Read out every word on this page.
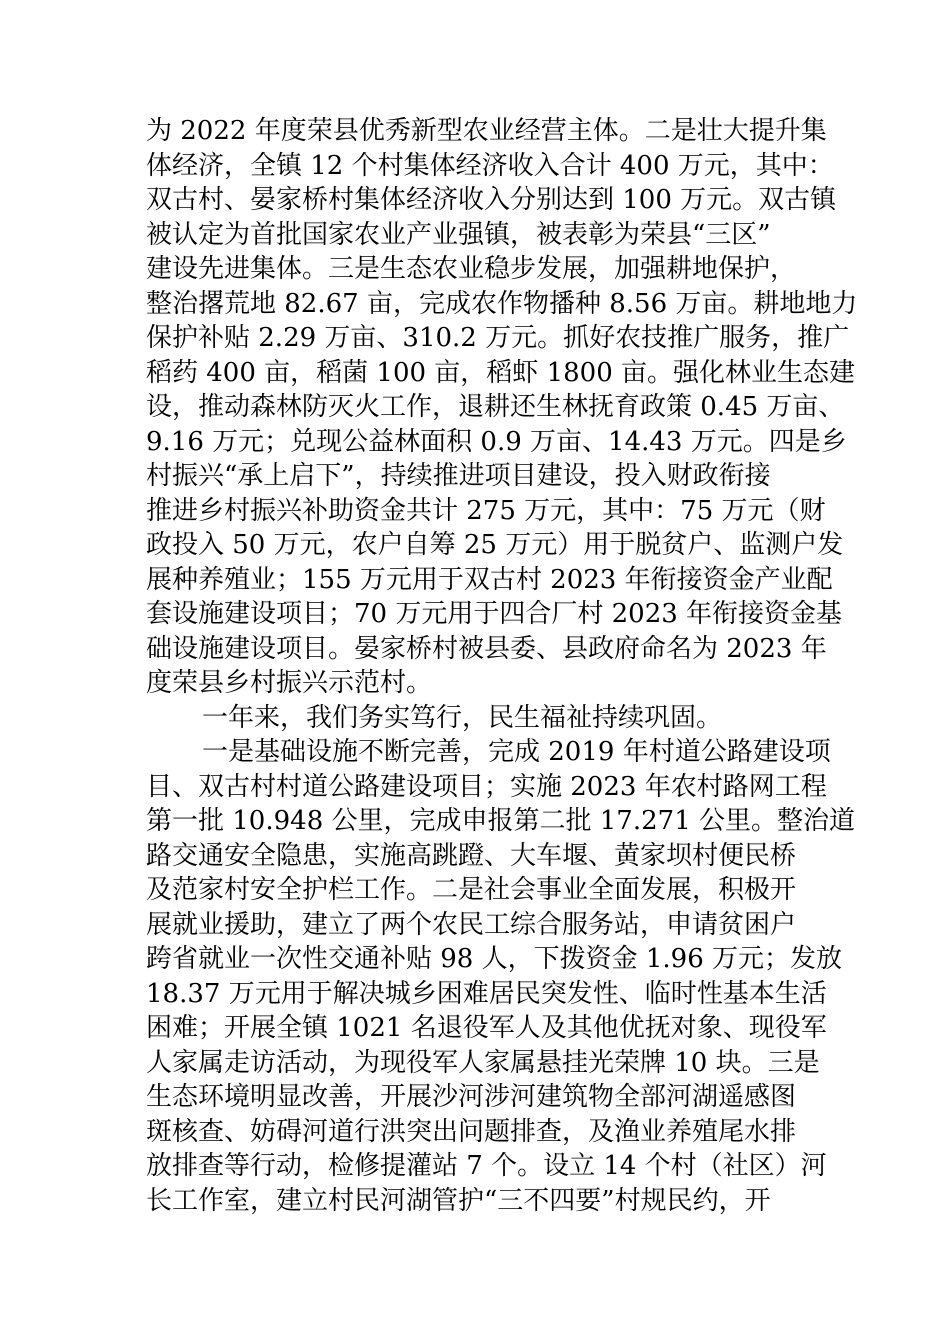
为 2022 年度荣县优秀新型农业经营主体。二是壮大提升集
体经济，全镇 12 个村集体经济收入合计 400 万元，其中：
双古村、晏家桥村集体经济收入分别达到 100 万元。双古镇
被认定为首批国家农业产业强镇，被表彰为荣县“三区”
建设先进集体。三是生态农业稳步发展，加强耕地保护，
整治撂荒地 82.67 亩，完成农作物播种 8.56 万亩。耕地地力
保护补贴 2.29 万亩、310.2 万元。抓好农技推广服务，推广
稻药 400 亩，稻菌 100 亩，稻虾 1800 亩。强化林业生态建
设，推动森林防灭火工作，退耕还生林抚育政策 0.45 万亩、
9.16 万元；兑现公益林面积 0.9 万亩、14.43 万元。四是乡
村振兴“承上启下”，持续推进项目建设，投入财政衔接
推进乡村振兴补助资金共计 275 万元，其中：75 万元（财
政投入 50 万元，农户自筹 25 万元）用于脱贫户、监测户发
展种养殖业；155 万元用于双古村 2023 年衔接资金产业配
套设施建设项目；70 万元用于四合厂村 2023 年衔接资金基
础设施建设项目。晏家桥村被县委、县政府命名为 2023 年
度荣县乡村振兴示范村。
一年来，我们务实笃行，民生福祉持续巩固。
一是基础设施不断完善，完成 2019 年村道公路建设项
目、双古村村道公路建设项目；实施 2023 年农村路网工程
第一批 10.948 公里，完成申报第二批 17.271 公里。整治道
路交通安全隐患，实施高跳蹬、大车堰、黄家坝村便民桥
及范家村安全护栏工作。二是社会事业全面发展，积极开
展就业援助，建立了两个农民工综合服务站，申请贫困户
跨省就业一次性交通补贴 98 人，下拨资金 1.96 万元；发放
18.37 万元用于解决城乡困难居民突发性、临时性基本生活
困难；开展全镇 1021 名退役军人及其他优抚对象、现役军
人家属走访活动，为现役军人家属悬挂光荣牌 10 块。三是
生态环境明显改善，开展沙河涉河建筑物全部河湖遥感图
斑核查、妨碍河道行洪突出问题排查，及渔业养殖尾水排
放排查等行动，检修提灌站 7 个。设立 14 个村（社区）河
长工作室，建立村民河湖管护“三不四要”村规民约，开
